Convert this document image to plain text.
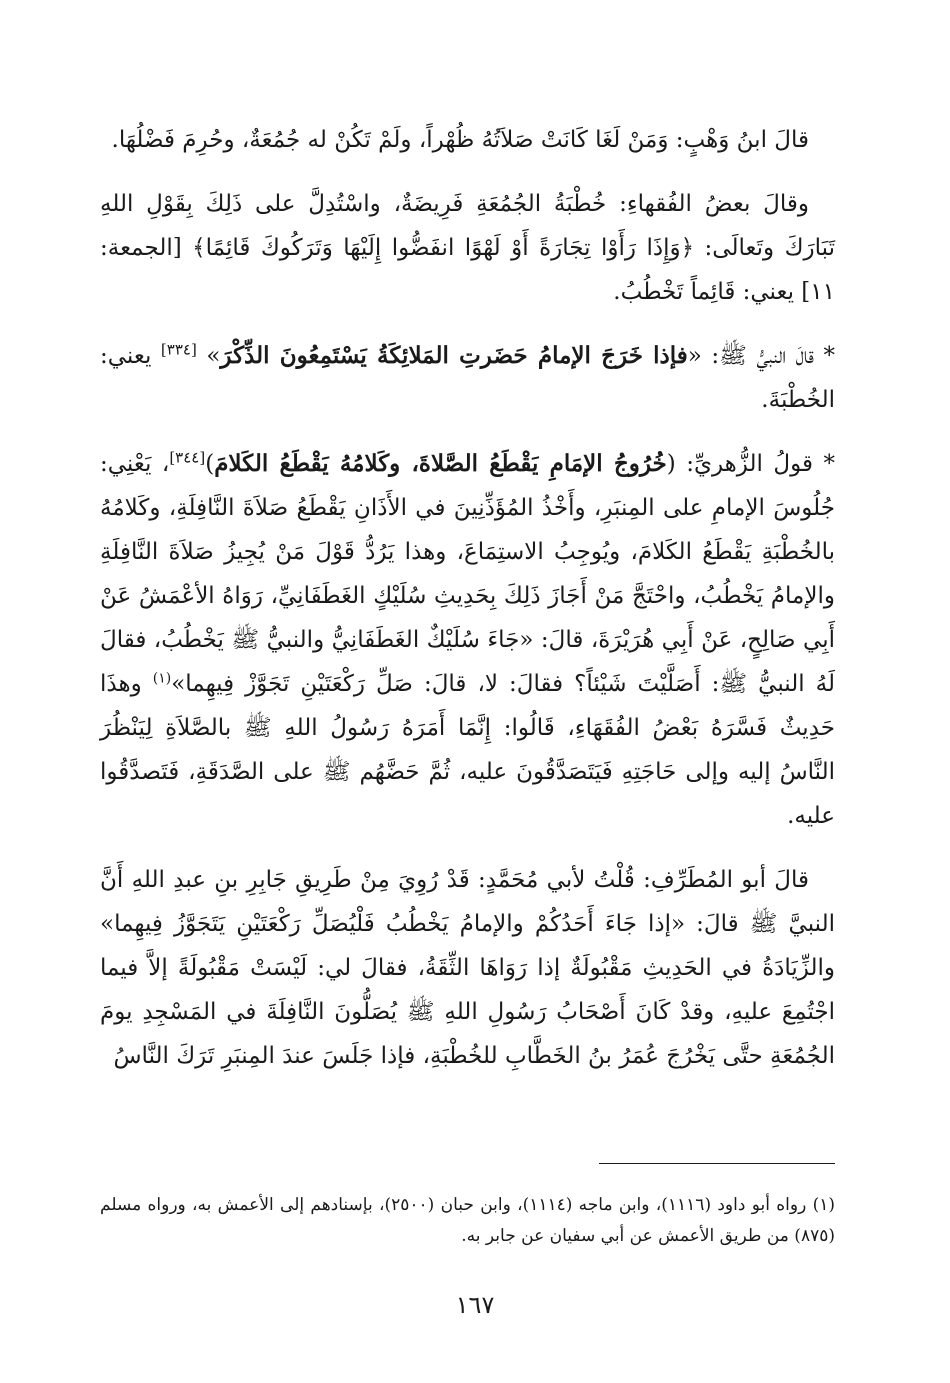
قالَ ابنُ وَهْبٍ: وَمَنْ لَغَا كَانَتْ صَلاَتُهُ ظُهْراً، ولَمْ تَكُنْ له جُمُعَةٌ، وحُرِمَ فَضْلُهَا.

وقالَ بعضُ الفُقهاءِ: خُطْبَةُ الجُمُعَةِ فَرِيضَةٌ، واسْتُدِلَّ على ذَلِكَ بِقَوْلِ اللهِ تَبَارَكَ وتَعالَى: ﴿وَإِذَا رَأَوْا تِجَارَةً أَوْ لَهْوًا انفَضُّوا إِلَيْهَا وَتَرَكُوكَ قَائِمًا﴾ [الجمعة: ١١] يعني: قَائِماً تَخْطُبُ.

* قالَ النبيُّ ﷺ: «فإذا خَرَجَ الإمامُ حَضَرتِ المَلائِكَةُ يَسْتَمِعُونَ الذِّكْرَ» [٣٣٤] يعني: الخُطْبَةَ.

* قولُ الزُّهريِّ: (خُرُوجُ الإمَامِ يَقْطَعُ الصَّلاةَ، وكَلامُهُ يَقْطَعُ الكَلامَ)[٣٤٤]، يَعْنِي: جُلُوسَ الإمامِ على المِنبَرِ، وأَخْذُ المُؤَذِّنِينَ في الأَذَانِ يَقْطَعُ صَلاَةَ النَّافِلَةِ، وكَلامُهُ بالخُطْبَةِ يَقْطَعُ الكَلامَ، ويُوجِبُ الاستِمَاعَ، وهذا يَرُدُّ قَوْلَ مَنْ يُجِيزُ صَلاَةَ النَّافِلَةِ والإمامُ يَخْطُبُ، واحْتَجَّ مَنْ أَجَازَ ذَلِكَ بِحَدِيثِ سُلَيْكٍ الغَطَفَانِيِّ، رَوَاهُ الأعْمَشُ عَنْ أَبِي صَالِحٍ، عَنْ أَبِي هُرَيْرَةَ، قالَ: «جَاءَ سُلَيْكٌ الغَطَفَانِيُّ والنبيُّ ﷺ يَخْطُبُ، فقالَ لَهُ النبيُّ ﷺ: أَصَلَّيْتَ شَيْئاً؟ فقالَ: لا، قالَ: صَلِّ رَكْعَتَيْنِ تَجَوَّزْ فِيهِما»$^{(١)}$ وهذَا حَدِيثٌ فَسَّرَهُ بَعْضُ الفُقَهَاءِ، قَالُوا: إِنَّمَا أَمَرَهُ رَسُولُ اللهِ ﷺ بالصَّلاَةِ لِيَنْظُرَ النَّاسُ إليه وإلى حَاجَتِهِ فَيَتَصَدَّقُونَ عليه، ثُمَّ حَضَّهُم ﷺ على الصَّدَقَةِ، فَتَصدَّقُوا عليه.

قالَ أبو المُطَرِّفِ: قُلْتُ لأبي مُحَمَّدٍ: قَدْ رُوِيَ مِنْ طَرِيقِ جَابِرِ بنِ عبدِ اللهِ أَنَّ النبيَّ ﷺ قالَ: «إذا جَاءَ أَحَدُكُمْ والإمامُ يَخْطُبُ فَلْيُصَلِّ رَكْعَتَيْنِ يَتَجَوَّزُ فِيهِما» والزِّيَادَةُ في الحَدِيثِ مَقْبُولَةٌ إذا رَوَاهَا الثِّقَةُ، فقالَ لي: لَيْسَتْ مَقْبُولَةً إلاَّ فيما اجْتُمِعَ عليهِ، وقدْ كَانَ أَصْحَابُ رَسُولِ اللهِ ﷺ يُصَلُّونَ النَّافِلَةَ في المَسْجِدِ يومَ الجُمُعَةِ حتَّى يَخْرُجَ عُمَرُ بنُ الخَطَّابِ للخُطْبَةِ، فإذا جَلَسَ عندَ المِنبَرِ تَرَكَ النَّاسُ

(١) رواه أبو داود (١١١٦)، وابن ماجه (١١١٤)، وابن حبان (٢٥٠٠)، بإسنادهم إلى الأعمش به، ورواه مسلم (٨٧٥) من طريق الأعمش عن أبي سفيان عن جابر به.
١٦٧
